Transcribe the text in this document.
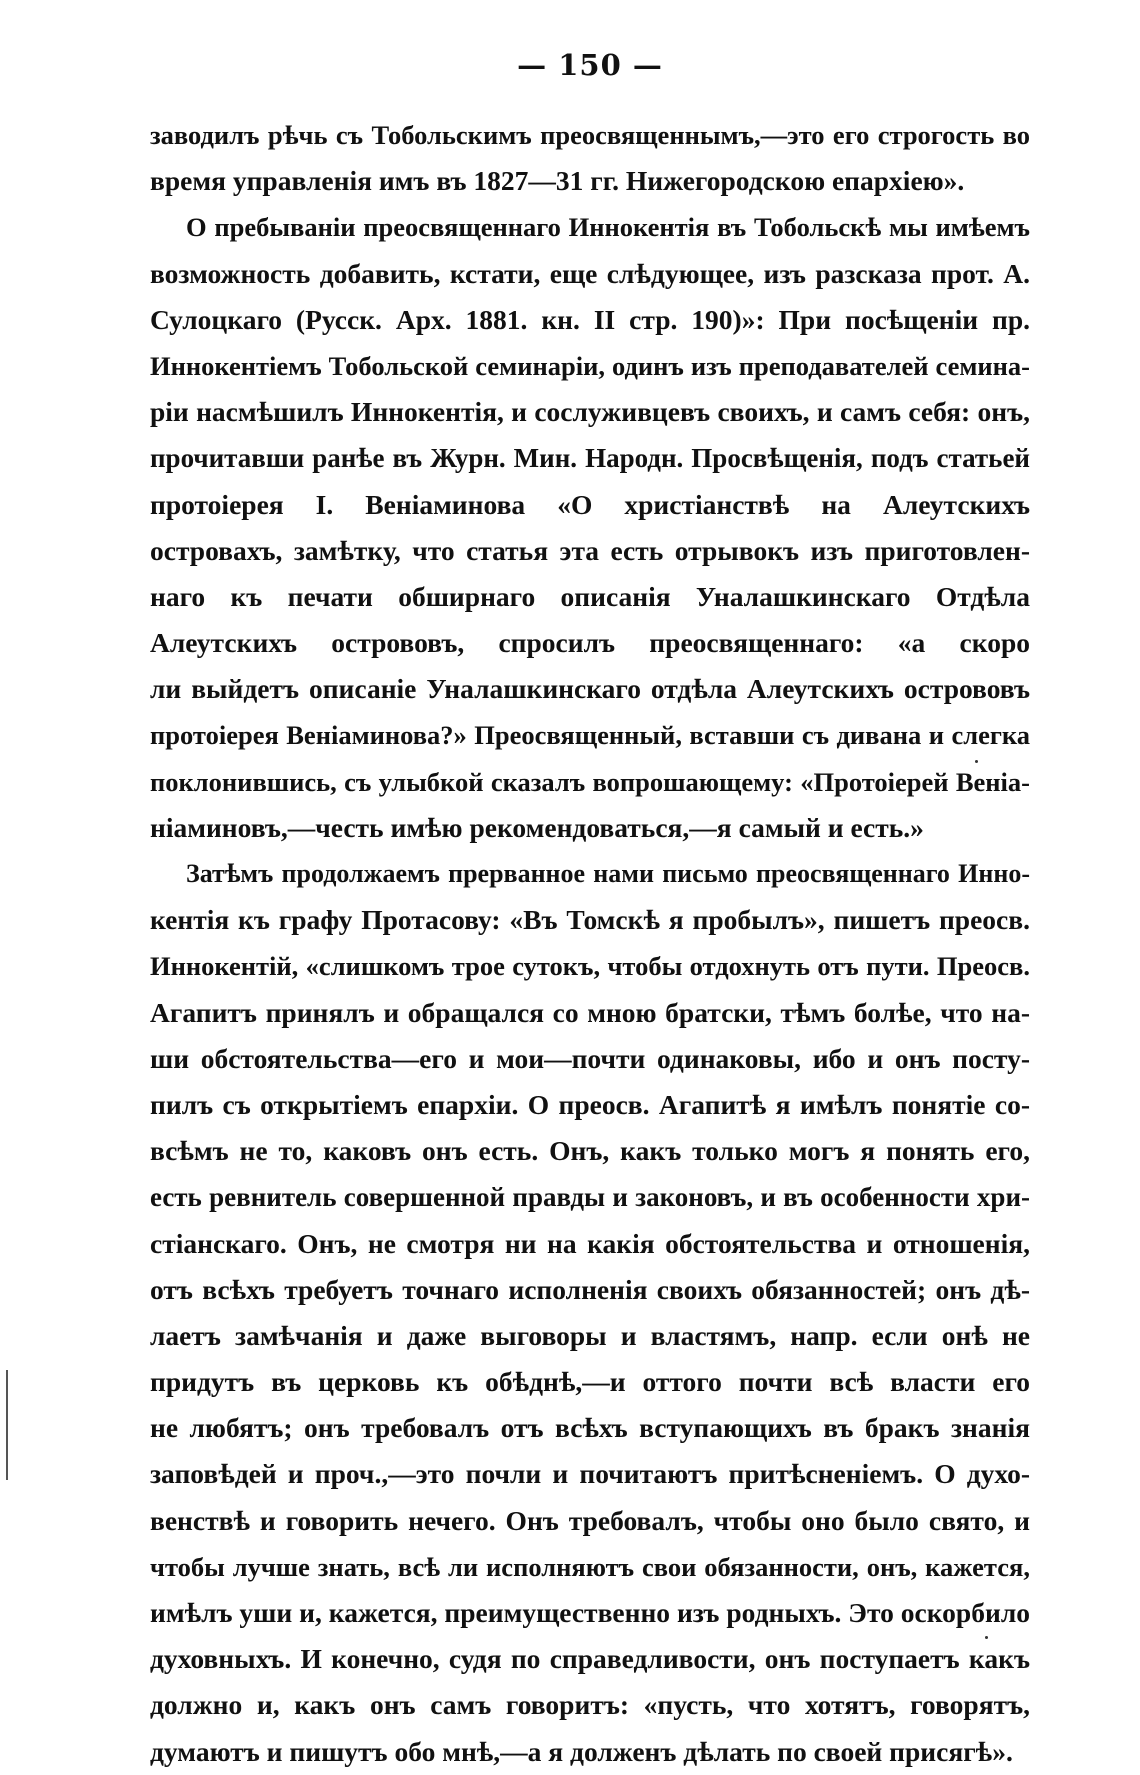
— 150 —
заводилъ рѣчь съ Тобольскимъ преосвященнымъ,—это его строгость во
время управленія имъ въ 1827—31 гг. Нижегородскою епархіею».
О пребываніи преосвященнаго Иннокентія въ Тобольскѣ мы имѣемъ
возможность добавить, кстати, еще слѣдующее, изъ разсказа прот. А.
Сулоцкаго (Русск. Арх. 1881. кн. II стр. 190)»: При посѣщеніи пр.
Иннокентіемъ Тобольской семинаріи, одинъ изъ преподавателей семина-
ріи насмѣшилъ Иннокентія, и сослуживцевъ своихъ, и самъ себя: онъ,
прочитавши ранѣе въ Журн. Мин. Народн. Просвѣщенія, подъ статьей
протоіерея І. Веніаминова «О христіанствѣ на Алеутскихъ
островахъ, замѣтку, что статья эта есть отрывокъ изъ приготовлен-
наго къ печати обширнаго описанія Уналашкинскаго Отдѣла
Алеутскихъ острововъ, спросилъ преосвященнаго: «а скоро
ли выйдетъ описаніе Уналашкинскаго отдѣла Алеутскихъ острововъ
протоіерея Веніаминова?» Преосвященный, вставши съ дивана и слегка
поклонившись, съ улыбкой сказалъ вопрошающему: «Протоіерей Веніа-
ніаминовъ,—честь имѣю рекомендоваться,—я самый и есть.»
Затѣмъ продолжаемъ прерванное нами письмо преосвященнаго Инно-
кентія къ графу Протасову: «Въ Томскѣ я пробылъ», пишетъ преосв.
Иннокентій, «слишкомъ трое сутокъ, чтобы отдохнуть отъ пути. Преосв.
Агапитъ принялъ и обращался со мною братски, тѣмъ болѣе, что на-
ши обстоятельства—его и мои—почти одинаковы, ибо и онъ посту-
пилъ съ открытіемъ епархіи. О преосв. Агапитѣ я имѣлъ понятіе со-
всѣмъ не то, каковъ онъ есть. Онъ, какъ только могъ я понять его,
есть ревнитель совершенной правды и законовъ, и въ особенности хри-
стіанскаго. Онъ, не смотря ни на какія обстоятельства и отношенія,
отъ всѣхъ требуетъ точнаго исполненія своихъ обязанностей; онъ дѣ-
лаетъ замѣчанія и даже выговоры и властямъ, напр. если онѣ не
придутъ въ церковь къ обѣднѣ,—и оттого почти всѣ власти его
не любятъ; онъ требовалъ отъ всѣхъ вступающихъ въ бракъ знанія
заповѣдей и проч.,—это почли и почитаютъ притѣсненіемъ. О духо-
венствѣ и говорить нечего. Онъ требовалъ, чтобы оно было свято, и
чтобы лучше знать, всѣ ли исполняютъ свои обязанности, онъ, кажется,
имѣлъ уши и, кажется, преимущественно изъ родныхъ. Это оскорбило
духовныхъ. И конечно, судя по справедливости, онъ поступаетъ какъ
должно и, какъ онъ самъ говоритъ: «пусть, что хотятъ, говорятъ,
думаютъ и пишутъ обо мнѣ,—а я долженъ дѣлать по своей присягѣ».
